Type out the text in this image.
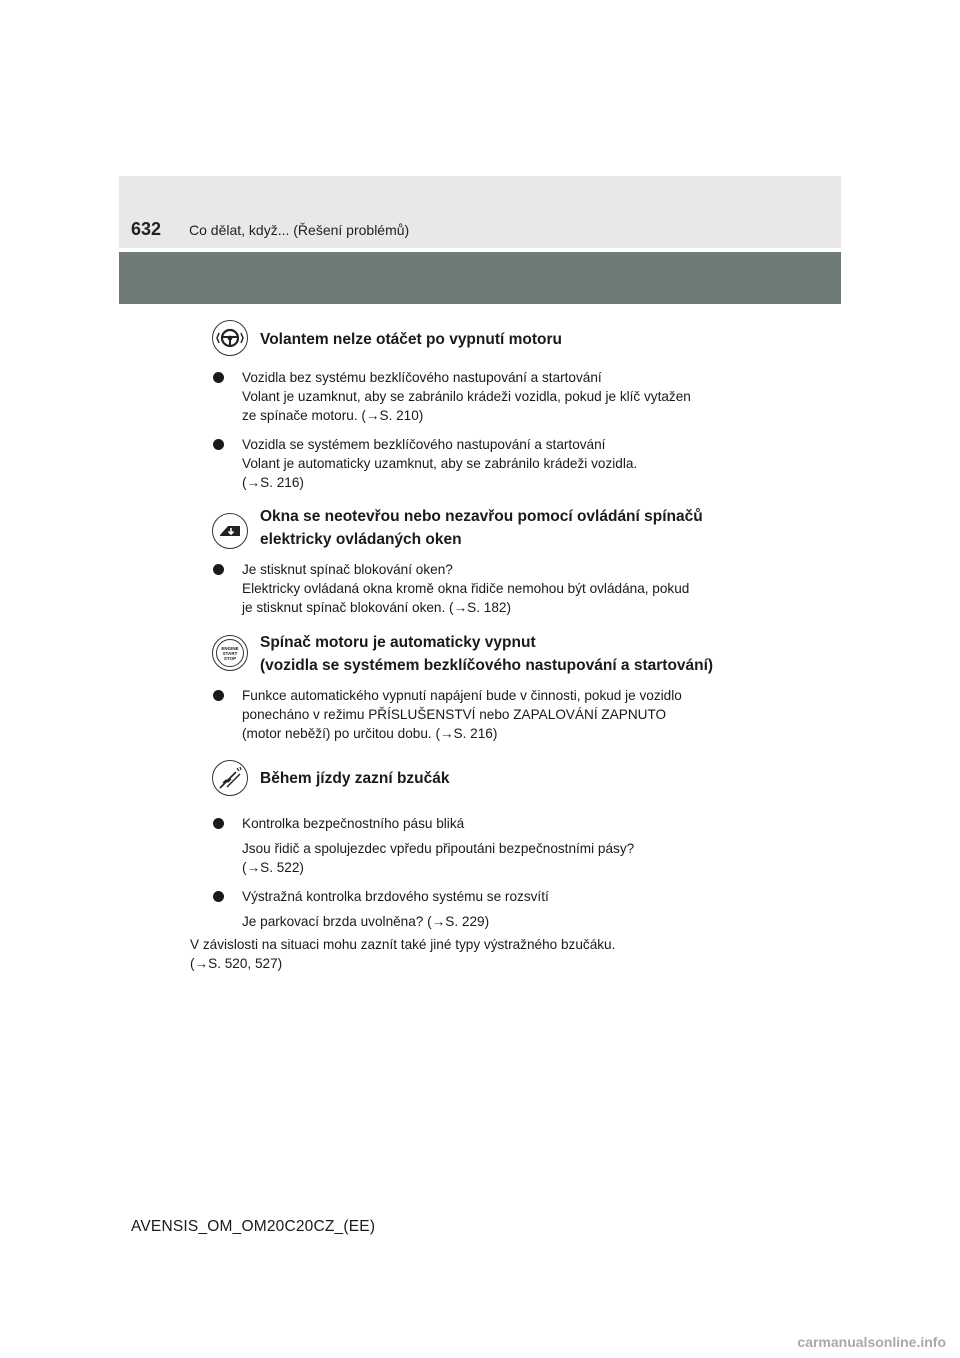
632 Co dělat, když... (Řešení problémů)
Volantem nelze otáčet po vypnutí motoru
Vozidla bez systému bezklíčového nastupování a startování
Volant je uzamknut, aby se zabránilo krádeži vozidla, pokud je klíč vytažen
ze spínače motoru. (→S. 210)
Vozidla se systémem bezklíčového nastupování a startování
Volant je automaticky uzamknut, aby se zabránilo krádeži vozidla.
(→S. 216)
Okna se neotevřou nebo nezavřou pomocí ovládání spínačů
elektricky ovládaných oken
Je stisknut spínač blokování oken?
Elektricky ovládaná okna kromě okna řidiče nemohou být ovládána, pokud
je stisknut spínač blokování oken. (→S. 182)
ENGINE
START
STOP
Spínač motoru je automaticky vypnut
(vozidla se systémem bezklíčového nastupování a startování)
Funkce automatického vypnutí napájení bude v činnosti, pokud je vozidlo
ponecháno v režimu PŘÍSLUŠENSTVÍ nebo ZAPALOVÁNÍ ZAPNUTO
(motor neběží) po určitou dobu. (→S. 216)
Během jízdy zazní bzučák
Kontrolka bezpečnostního pásu bliká
Jsou řidič a spolujezdec vpředu připoutáni bezpečnostními pásy?
(→S. 522)
Výstražná kontrolka brzdového systému se rozsvítí
Je parkovací brzda uvolněna? (→S. 229)
V závislosti na situaci mohu zaznít také jiné typy výstražného bzučáku.
(→S. 520, 527)
AVENSIS_OM_OM20C20CZ_(EE)
carmanualsonline.info
